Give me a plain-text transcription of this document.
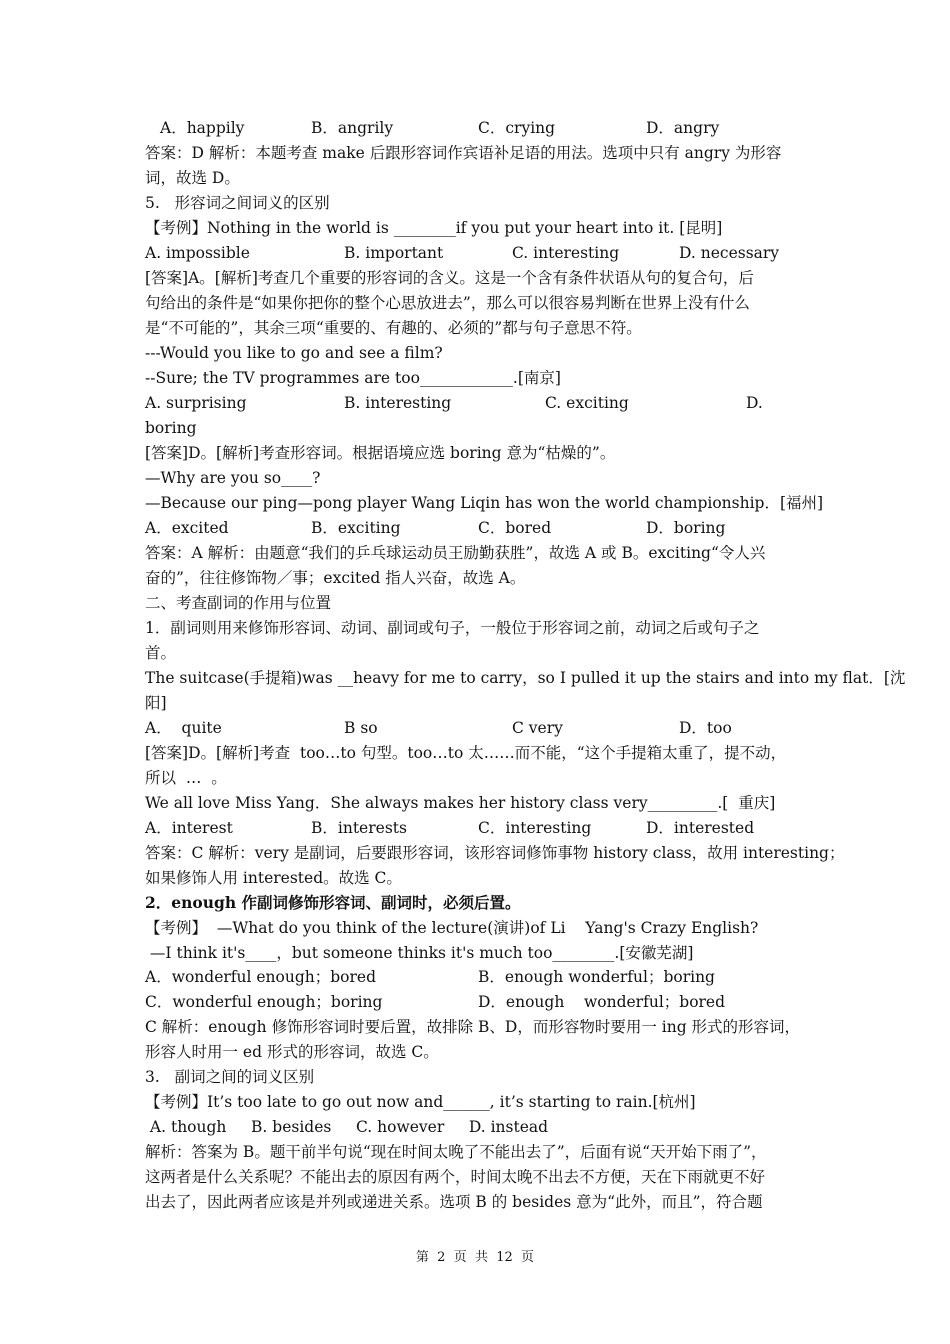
A．happily	B．angrily	C．crying	D．angry
答案：D 解析：本题考查 make 后跟形容词作宾语补足语的用法。选项中只有 angry 为形容
词，故选 D。
5.   形容词之间词义的区别
【考例】Nothing in the world is ________if you put your heart into it. [昆明]
A. impossible	B. important	C. interesting	D. necessary
[答案]A。[解析]考查几个重要的形容词的含义。这是一个含有条件状语从句的复合句，后
句给出的条件是“如果你把你的整个心思放进去”，那么可以很容易判断在世界上没有什么
是“不可能的”，其余三项“重要的、有趣的、必须的”都与句子意思不符。
---Would you like to go and see a film?
--Sure; the TV programmes are too____________.[南京]
A. surprising	B. interesting	C. exciting	D.
boring
[答案]D。[解析]考查形容词。根据语境应选 boring 意为“枯燥的”。
—Why are you so____?
—Because our ping—pong player Wang Liqin has won the world championship．[福州]
A．excited	B．exciting	C．bored	D．boring
答案：A 解析：由题意“我们的乒乓球运动员王励勤获胜”，故选 A 或 B。exciting“令人兴
奋的”，往往修饰物／事；excited 指人兴奋，故选 A。
二、考查副词的作用与位置
1．副词则用来修饰形容词、动词、副词或句子，一般位于形容词之前，动词之后或句子之
首。
The suitcase(手提箱)was __heavy for me to carry，so I pulled it up the stairs and into my flat．[沈
阳]
A．  quite	B so	C very	D．too
[答案]D。[解析]考查  too…to 句型。too…to 太……而不能，“这个手提箱太重了，提不动，
所以  …  。
We all love Miss Yang．She always makes her history class very_________.[  重庆]
A．interest	B．interests	C．interesting	D．interested
答案：C 解析：very 是副词，后要跟形容词，该形容词修饰事物 history class，故用 interesting；
如果修饰人用 interested。故选 C。
2．enough 作副词修饰形容词、副词时，必须后置。
【考例】  —What do you think of the lecture(演讲)of Li    Yang's Crazy English?
—I think it's____，but someone thinks it's much too________.[安徽芜湖]
A．wonderful enough；bored	B．enough wonderful；boring
C．wonderful enough；boring	D．enough    wonderful；bored
C 解析：enough 修饰形容词时要后置，故排除 B、D，而形容物时要用一 ing 形式的形容词，
形容人时用一 ed 形式的形容词，故选 C。
3.   副词之间的词义区别
【考例】It’s too late to go out now and______, it’s starting to rain.[杭州]
A. though     B. besides     C. however     D. instead
解析：答案为 B。题干前半句说“现在时间太晚了不能出去了”，后面有说“天开始下雨了”，
这两者是什么关系呢？不能出去的原因有两个，时间太晚不出去不方便，天在下雨就更不好
出去了，因此两者应该是并列或递进关系。选项 B 的 besides 意为“此外，而且”，符合题
第  2  页  共  12  页
